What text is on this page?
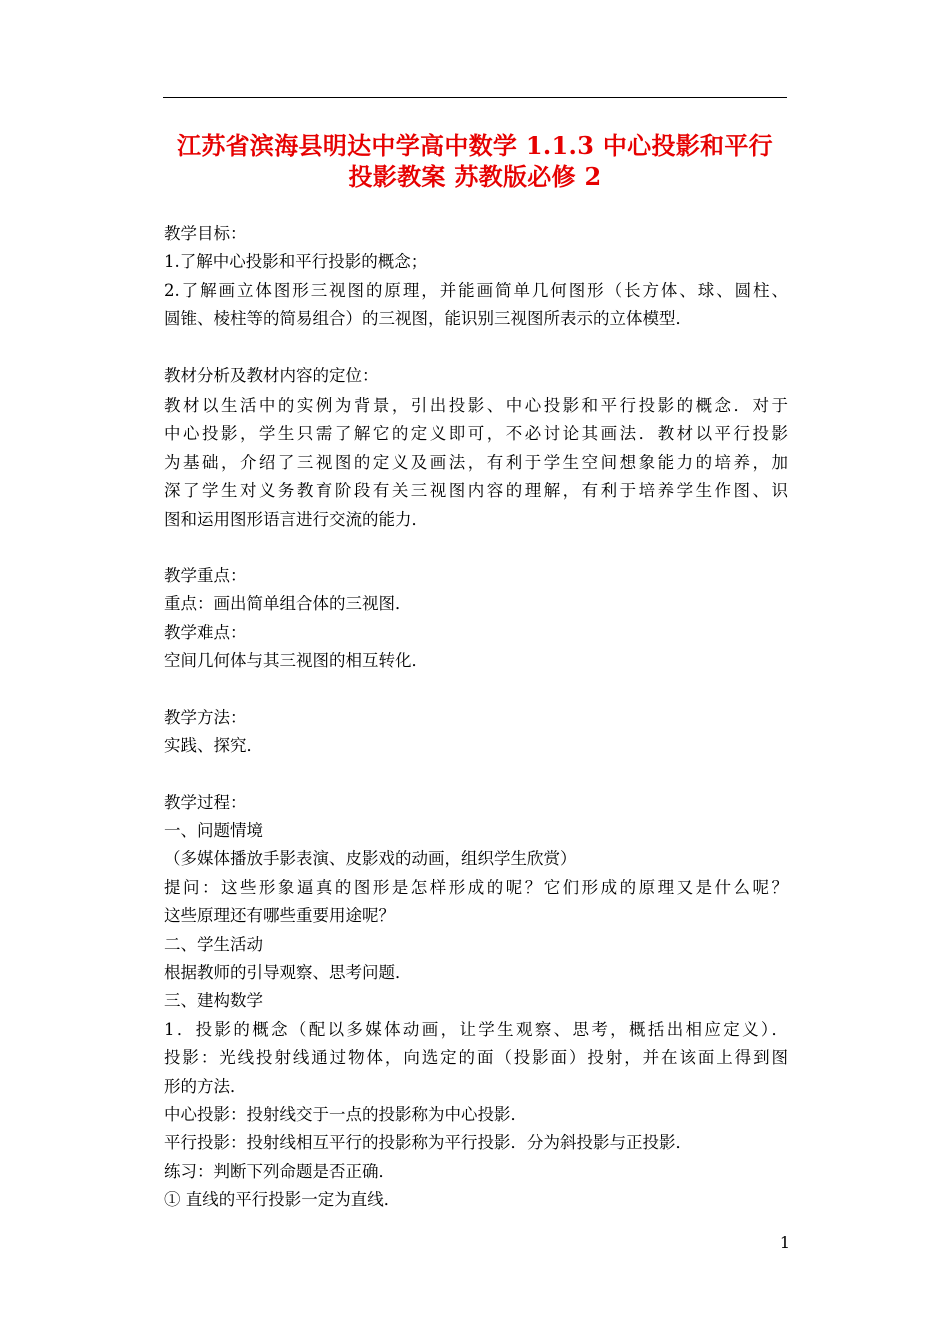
江苏省滨海县明达中学高中数学 1.1.3 中心投影和平行
投影教案 苏教版必修 2

教学目标：

1.了解中心投影和平行投影的概念；

2.了解画立体图形三视图的原理，并能画简单几何图形（长方体、球、圆柱、

圆锥、棱柱等的简易组合）的三视图，能识别三视图所表示的立体模型．

教材分析及教材内容的定位：

教材以生活中的实例为背景，引出投影、中心投影和平行投影的概念．对于

中心投影，学生只需了解它的定义即可，不必讨论其画法．教材以平行投影

为基础，介绍了三视图的定义及画法，有利于学生空间想象能力的培养，加

深了学生对义务教育阶段有关三视图内容的理解，有利于培养学生作图、识

图和运用图形语言进行交流的能力．

教学重点：

重点：画出简单组合体的三视图．

教学难点：

空间几何体与其三视图的相互转化．

教学方法：

实践、探究．

教学过程：

一、问题情境

（多媒体播放手影表演、皮影戏的动画，组织学生欣赏）

提问：这些形象逼真的图形是怎样形成的呢？它们形成的原理又是什么呢？

这些原理还有哪些重要用途呢？

二、学生活动

根据教师的引导观察、思考问题．

三、建构数学

1．投影的概念（配以多媒体动画，让学生观察、思考，概括出相应定义）．

投影：光线投射线通过物体，向选定的面（投影面）投射，并在该面上得到图

形的方法．

中心投影：投射线交于一点的投影称为中心投影．

平行投影：投射线相互平行的投影称为平行投影．分为斜投影与正投影．

练习：判断下列命题是否正确．

① 直线的平行投影一定为直线．

1
